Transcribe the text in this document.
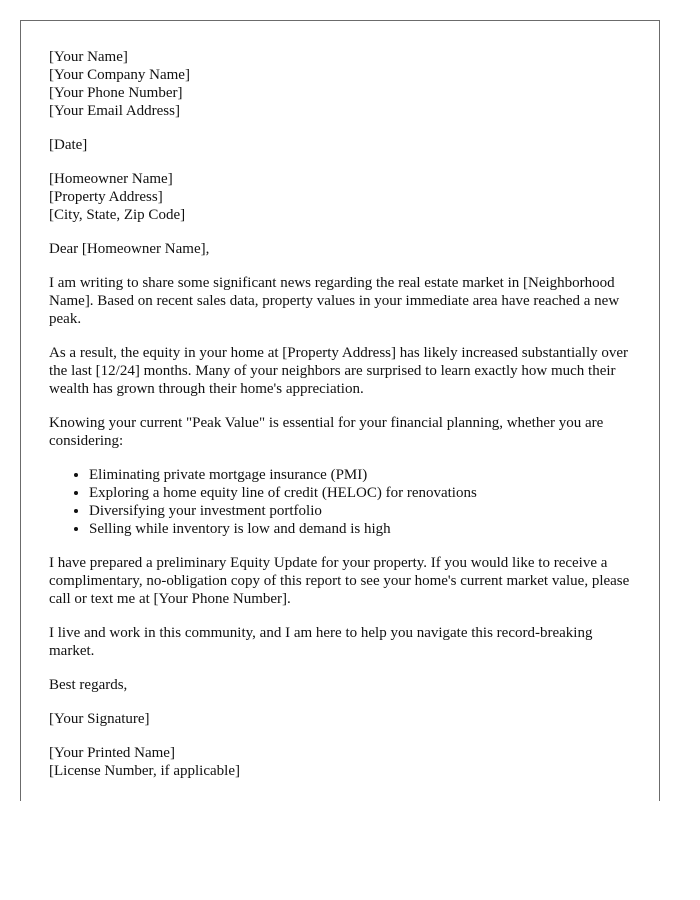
[Your Name]
[Your Company Name]
[Your Phone Number]
[Your Email Address]
[Date]
[Homeowner Name]
[Property Address]
[City, State, Zip Code]

Dear [Homeowner Name],

I am writing to share some significant news regarding the real estate market in [Neighborhood Name]. Based on recent sales data, property values in your immediate area have reached a new peak.

As a result, the equity in your home at [Property Address] has likely increased substantially over the last [12/24] months. Many of your neighbors are surprised to learn exactly how much their wealth has grown through their home's appreciation.

Knowing your current "Peak Value" is essential for your financial planning, whether you are considering:

• Eliminating private mortgage insurance (PMI)
• Exploring a home equity line of credit (HELOC) for renovations
• Diversifying your investment portfolio
• Selling while inventory is low and demand is high

I have prepared a preliminary Equity Update for your property. If you would like to receive a complimentary, no-obligation copy of this report to see your home's current market value, please call or text me at [Your Phone Number].

I live and work in this community, and I am here to help you navigate this record-breaking market.

Best regards,

[Your Signature]

[Your Printed Name]
[License Number, if applicable]
